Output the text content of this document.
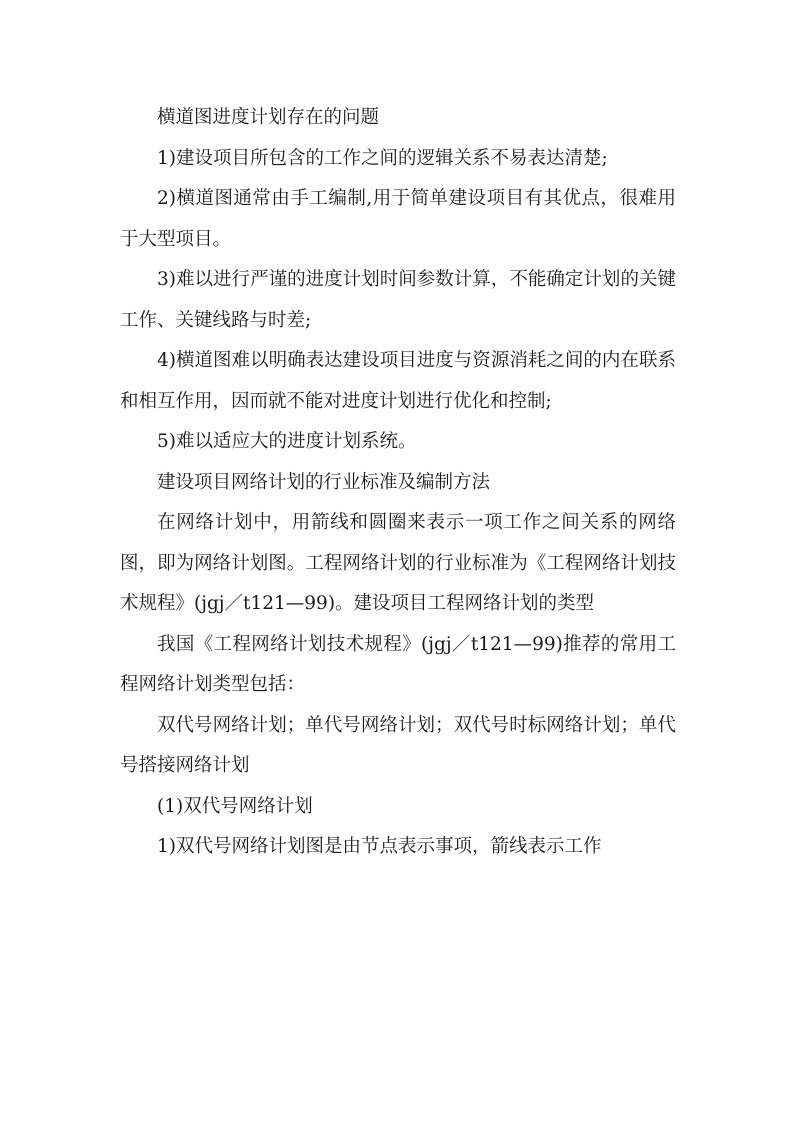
横道图进度计划存在的问题

1)建设项目所包含的工作之间的逻辑关系不易表达清楚;

2)横道图通常由手工编制,用于简单建设项目有其优点，很难用于大型项目。

3)难以进行严谨的进度计划时间参数计算，不能确定计划的关键工作、关键线路与时差;

4)横道图难以明确表达建设项目进度与资源消耗之间的内在联系和相互作用，因而就不能对进度计划进行优化和控制;

5)难以适应大的进度计划系统。

建设项目网络计划的行业标准及编制方法

在网络计划中，用箭线和圆圈来表示一项工作之间关系的网络图，即为网络计划图。工程网络计划的行业标准为《工程网络计划技术规程》(jgj／t121—99)。建设项目工程网络计划的类型

我国《工程网络计划技术规程》(jgj／t121—99)推荐的常用工程网络计划类型包括：

双代号网络计划；单代号网络计划；双代号时标网络计划；单代号搭接网络计划

(1)双代号网络计划

1)双代号网络计划图是由节点表示事项，箭线表示工作
